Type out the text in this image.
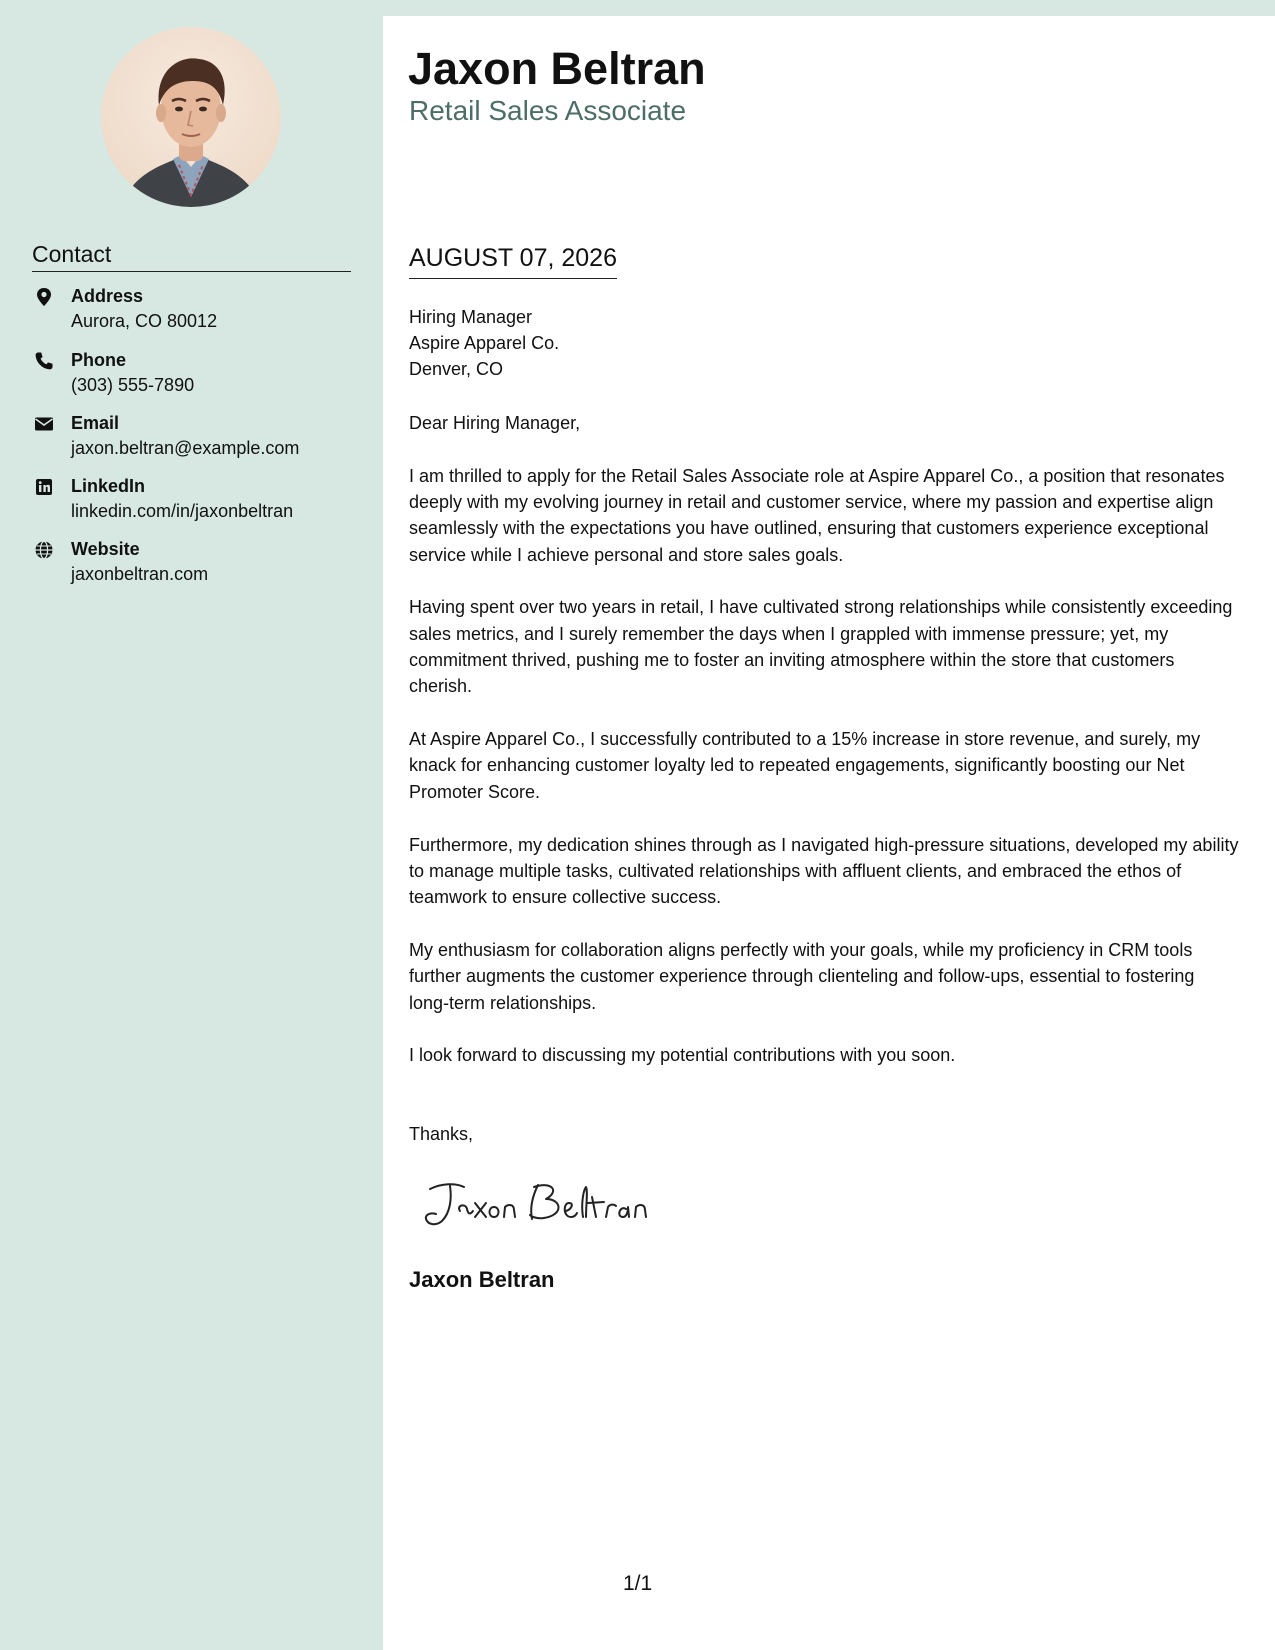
Jaxon Beltran
Retail Sales Associate
Contact
Address
Aurora, CO 80012
Phone
(303) 555-7890
Email
jaxon.beltran@example.com
LinkedIn
linkedin.com/in/jaxonbeltran
Website
jaxonbeltran.com
AUGUST 07, 2026
Hiring Manager
Aspire Apparel Co.
Denver, CO

Dear Hiring Manager,

I am thrilled to apply for the Retail Sales Associate role at Aspire Apparel Co., a position that resonates deeply with my evolving journey in retail and customer service, where my passion and expertise align seamlessly with the expectations you have outlined, ensuring that customers experience exceptional service while I achieve personal and store sales goals.

Having spent over two years in retail, I have cultivated strong relationships while consistently exceeding sales metrics, and I surely remember the days when I grappled with immense pressure; yet, my commitment thrived, pushing me to foster an inviting atmosphere within the store that customers cherish.

At Aspire Apparel Co., I successfully contributed to a 15% increase in store revenue, and surely, my knack for enhancing customer loyalty led to repeated engagements, significantly boosting our Net Promoter Score.

Furthermore, my dedication shines through as I navigated high-pressure situations, developed my ability to manage multiple tasks, cultivated relationships with affluent clients, and embraced the ethos of teamwork to ensure collective success.

My enthusiasm for collaboration aligns perfectly with your goals, while my proficiency in CRM tools further augments the customer experience through clienteling and follow-ups, essential to fostering long-term relationships.

I look forward to discussing my potential contributions with you soon.

Thanks,
Jaxon Beltran
1/1
